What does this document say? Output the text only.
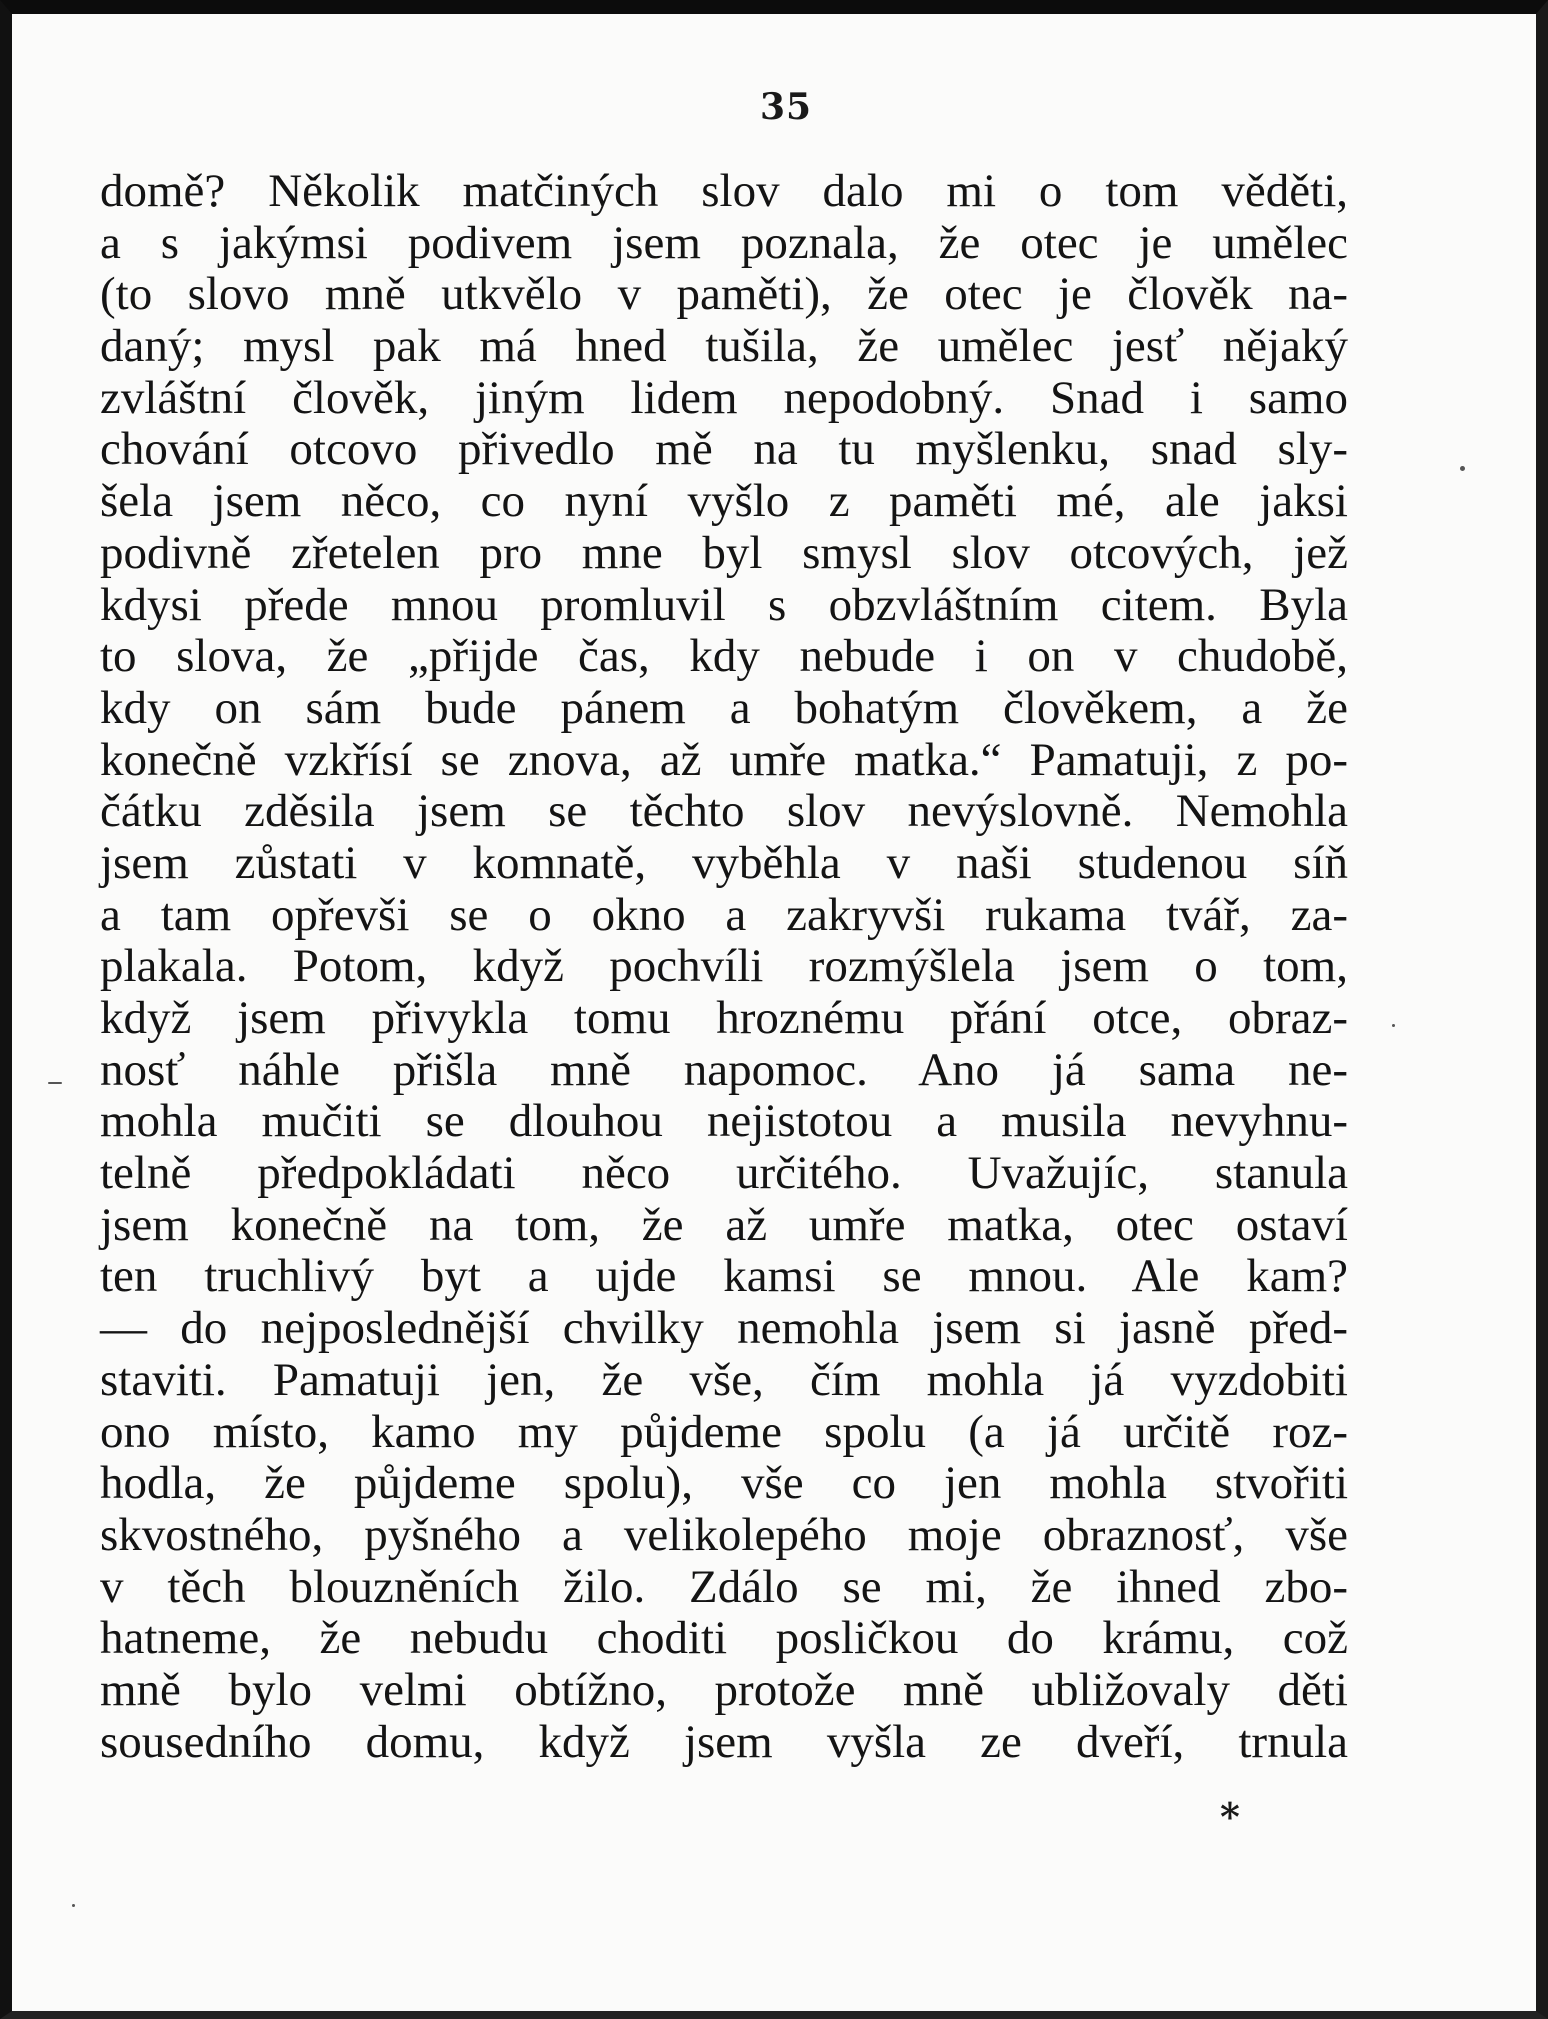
35
domě? Několik matčiných slov dalo mi o tom věděti,
a s jakýmsi podivem jsem poznala, že otec je umělec
(to slovo mně utkvělo v paměti), že otec je člověk na-
daný; mysl pak má hned tušila, že umělec jesť nějaký
zvláštní člověk, jiným lidem nepodobný. Snad i samo
chování otcovo přivedlo mě na tu myšlenku, snad sly-
šela jsem něco, co nyní vyšlo z paměti mé, ale jaksi
podivně zřetelen pro mne byl smysl slov otcových, jež
kdysi přede mnou promluvil s obzvláštním citem. Byla
to slova, že „přijde čas, kdy nebude i on v chudobě,
kdy on sám bude pánem a bohatým člověkem, a že
konečně vzkřísí se znova, až umře matka.“ Pamatuji, z po-
čátku zděsila jsem se těchto slov nevýslovně. Nemohla
jsem zůstati v komnatě, vyběhla v naši studenou síň
a tam opřevši se o okno a zakryvši rukama tvář, za-
plakala. Potom, když pochvíli rozmýšlela jsem o tom,
když jsem přivykla tomu hroznému přání otce, obraz-
nosť náhle přišla mně napomoc. Ano já sama ne-
mohla mučiti se dlouhou nejistotou a musila nevyhnu-
telně předpokládati něco určitého. Uvažujíc, stanula
jsem konečně na tom, že až umře matka, otec ostaví
ten truchlivý byt a ujde kamsi se mnou. Ale kam?
— do nejposlednější chvilky nemohla jsem si jasně před-
staviti. Pamatuji jen, že vše, čím mohla já vyzdobiti
ono místo, kamo my půjdeme spolu (a já určitě roz-
hodla, že půjdeme spolu), vše co jen mohla stvořiti
skvostného, pyšného a velikolepého moje obraznosť, vše
v těch blouzněních žilo. Zdálo se mi, že ihned zbo-
hatneme, že nebudu choditi posličkou do krámu, což
mně bylo velmi obtížno, protože mně ubližovaly děti
sousedního domu, když jsem vyšla ze dveří, trnula
*
